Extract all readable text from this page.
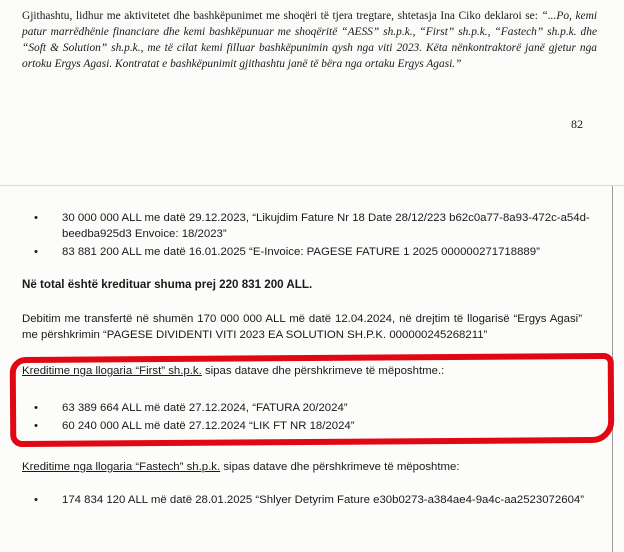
Gjithashtu, lidhur me aktivitetet dhe bashkëpunimet me shoqëri të tjera tregtare, shtetasja Ina Ciko deklaroi se: “...Po, kemi patur marrëdhënie financiare dhe kemi bashkëpunuar me shoqëritë “AESS” sh.p.k., “First” sh.p.k., “Fastech” sh.p.k. dhe “Soft & Solution” sh.p.k., me të cilat kemi filluar bashkëpunimin qysh nga viti 2023. Këta nënkontraktorë janë gjetur nga ortoku Ergys Agasi. Kontratat e bashkëpunimit gjithashtu janë të bëra nga ortaku Ergys Agasi.”

82
•	30 000 000 ALL me datë 29.12.2023, “Likujdim Fature Nr 18 Date 28/12/223 b62c0a77-8a93-472c-a54d-beedba925d3 Envoice: 18/2023”
•	83 881 200 ALL me datë 16.01.2025 “E-Invoice: PAGESE FATURE 1 2025 000000271718889”
Në total është kredituar shuma prej 220 831 200 ALL.

Debitim me transfertë në shumën 170 000 000 ALL më datë 12.04.2024, në drejtim të llogarisë “Ergys Agasi” me përshkrimin “PAGESE DIVIDENTI VITI 2023 EA SOLUTION SH.P.K. 000000245268211”

Kreditime nga llogaria “First” sh.p.k. sipas datave dhe përshkrimeve të mëposhtme.:
•	63 389 664 ALL më datë 27.12.2024, “FATURA 20/2024”
•	60 240 000 ALL më datë 27.12.2024 “LIK FT NR 18/2024”
Kreditime nga llogaria “Fastech” sh.p.k. sipas datave dhe përshkrimeve të mëposhtme:
•	174 834 120 ALL më datë 28.01.2025 “Shlyer Detyrim Fature e30b0273-a384ae4-9a4c-aa2523072604”
